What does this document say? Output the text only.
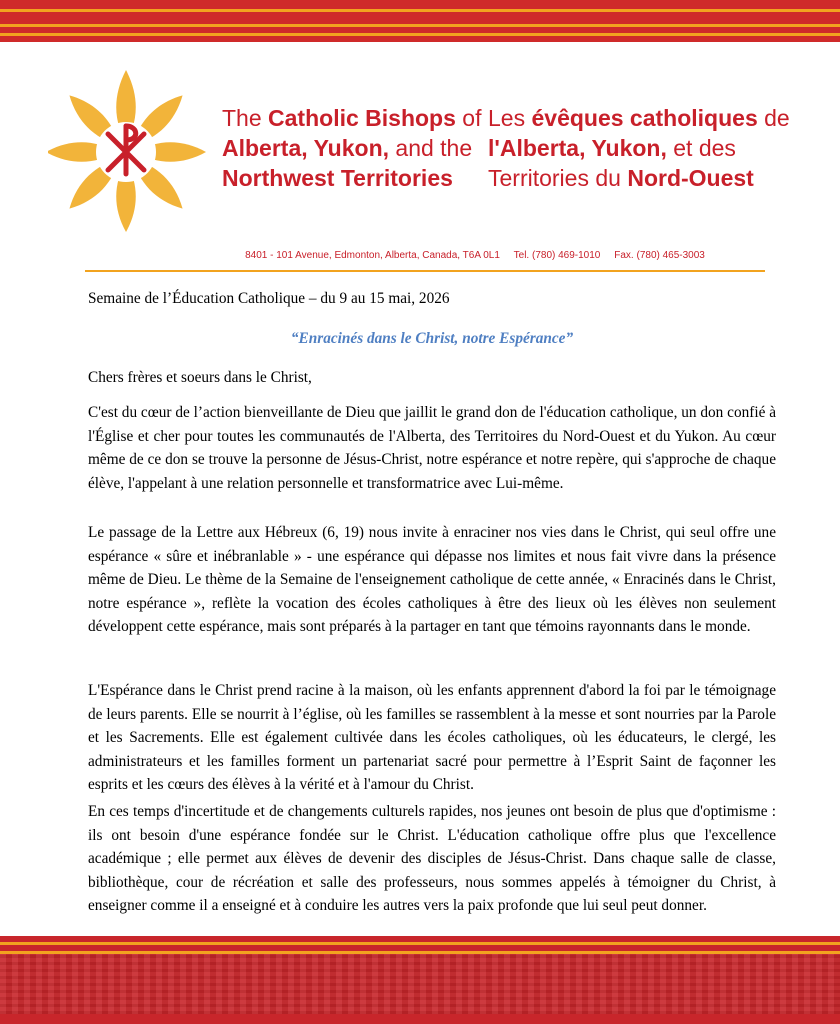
The Catholic Bishops of
Alberta, Yukon, and the
Northwest Territories
Les évêques catholiques de
l'Alberta, Yukon, et des
Territories du Nord-Ouest
8401 - 101 Avenue, Edmonton, Alberta, Canada, T6A 0L1     Tel. (780) 469-1010     Fax. (780) 465-3003
Semaine de l’Éducation Catholique – du 9 au 15 mai, 2026
“Enracinés dans le Christ, notre Espérance”
Chers frères et soeurs dans le Christ,
C'est du cœur de l’action bienveillante de Dieu que jaillit le grand don de l'éducation catholique, un don confié à l'Église et cher pour toutes les communautés de l'Alberta, des Territoires du Nord-Ouest et du Yukon. Au cœur même de ce don se trouve la personne de Jésus-Christ, notre espérance et notre repère, qui s'approche de chaque élève, l'appelant à une relation personnelle et transformatrice avec Lui-même.
Le passage de la Lettre aux Hébreux (6, 19) nous invite à enraciner nos vies dans le Christ, qui seul offre une espérance « sûre et inébranlable » - une espérance qui dépasse nos limites et nous fait vivre dans la présence même de Dieu. Le thème de la Semaine de l'enseignement catholique de cette année, « Enracinés dans le Christ, notre espérance », reflète la vocation des écoles catholiques à être des lieux où les élèves non seulement développent cette espérance, mais sont préparés à la partager en tant que témoins rayonnants dans le monde.
L'Espérance dans le Christ prend racine à la maison, où les enfants apprennent d'abord la foi par le témoignage de leurs parents. Elle se nourrit à l’église, où les familles se rassemblent à la messe et sont nourries par la Parole et les Sacrements. Elle est également cultivée dans les écoles catholiques, où les éducateurs, le clergé, les administrateurs et les familles forment un partenariat sacré pour permettre à l’Esprit Saint de façonner les esprits et les cœurs des élèves à la vérité et à l'amour du Christ.
En ces temps d'incertitude et de changements culturels rapides, nos jeunes ont besoin de plus que d'optimisme : ils ont besoin d'une espérance fondée sur le Christ. L'éducation catholique offre plus que l'excellence académique ; elle permet aux élèves de devenir des disciples de Jésus-Christ. Dans chaque salle de classe, bibliothèque, cour de récréation et salle des professeurs, nous sommes appelés à témoigner du Christ, à enseigner comme il a enseigné et à conduire les autres vers la paix profonde que lui seul peut donner.
